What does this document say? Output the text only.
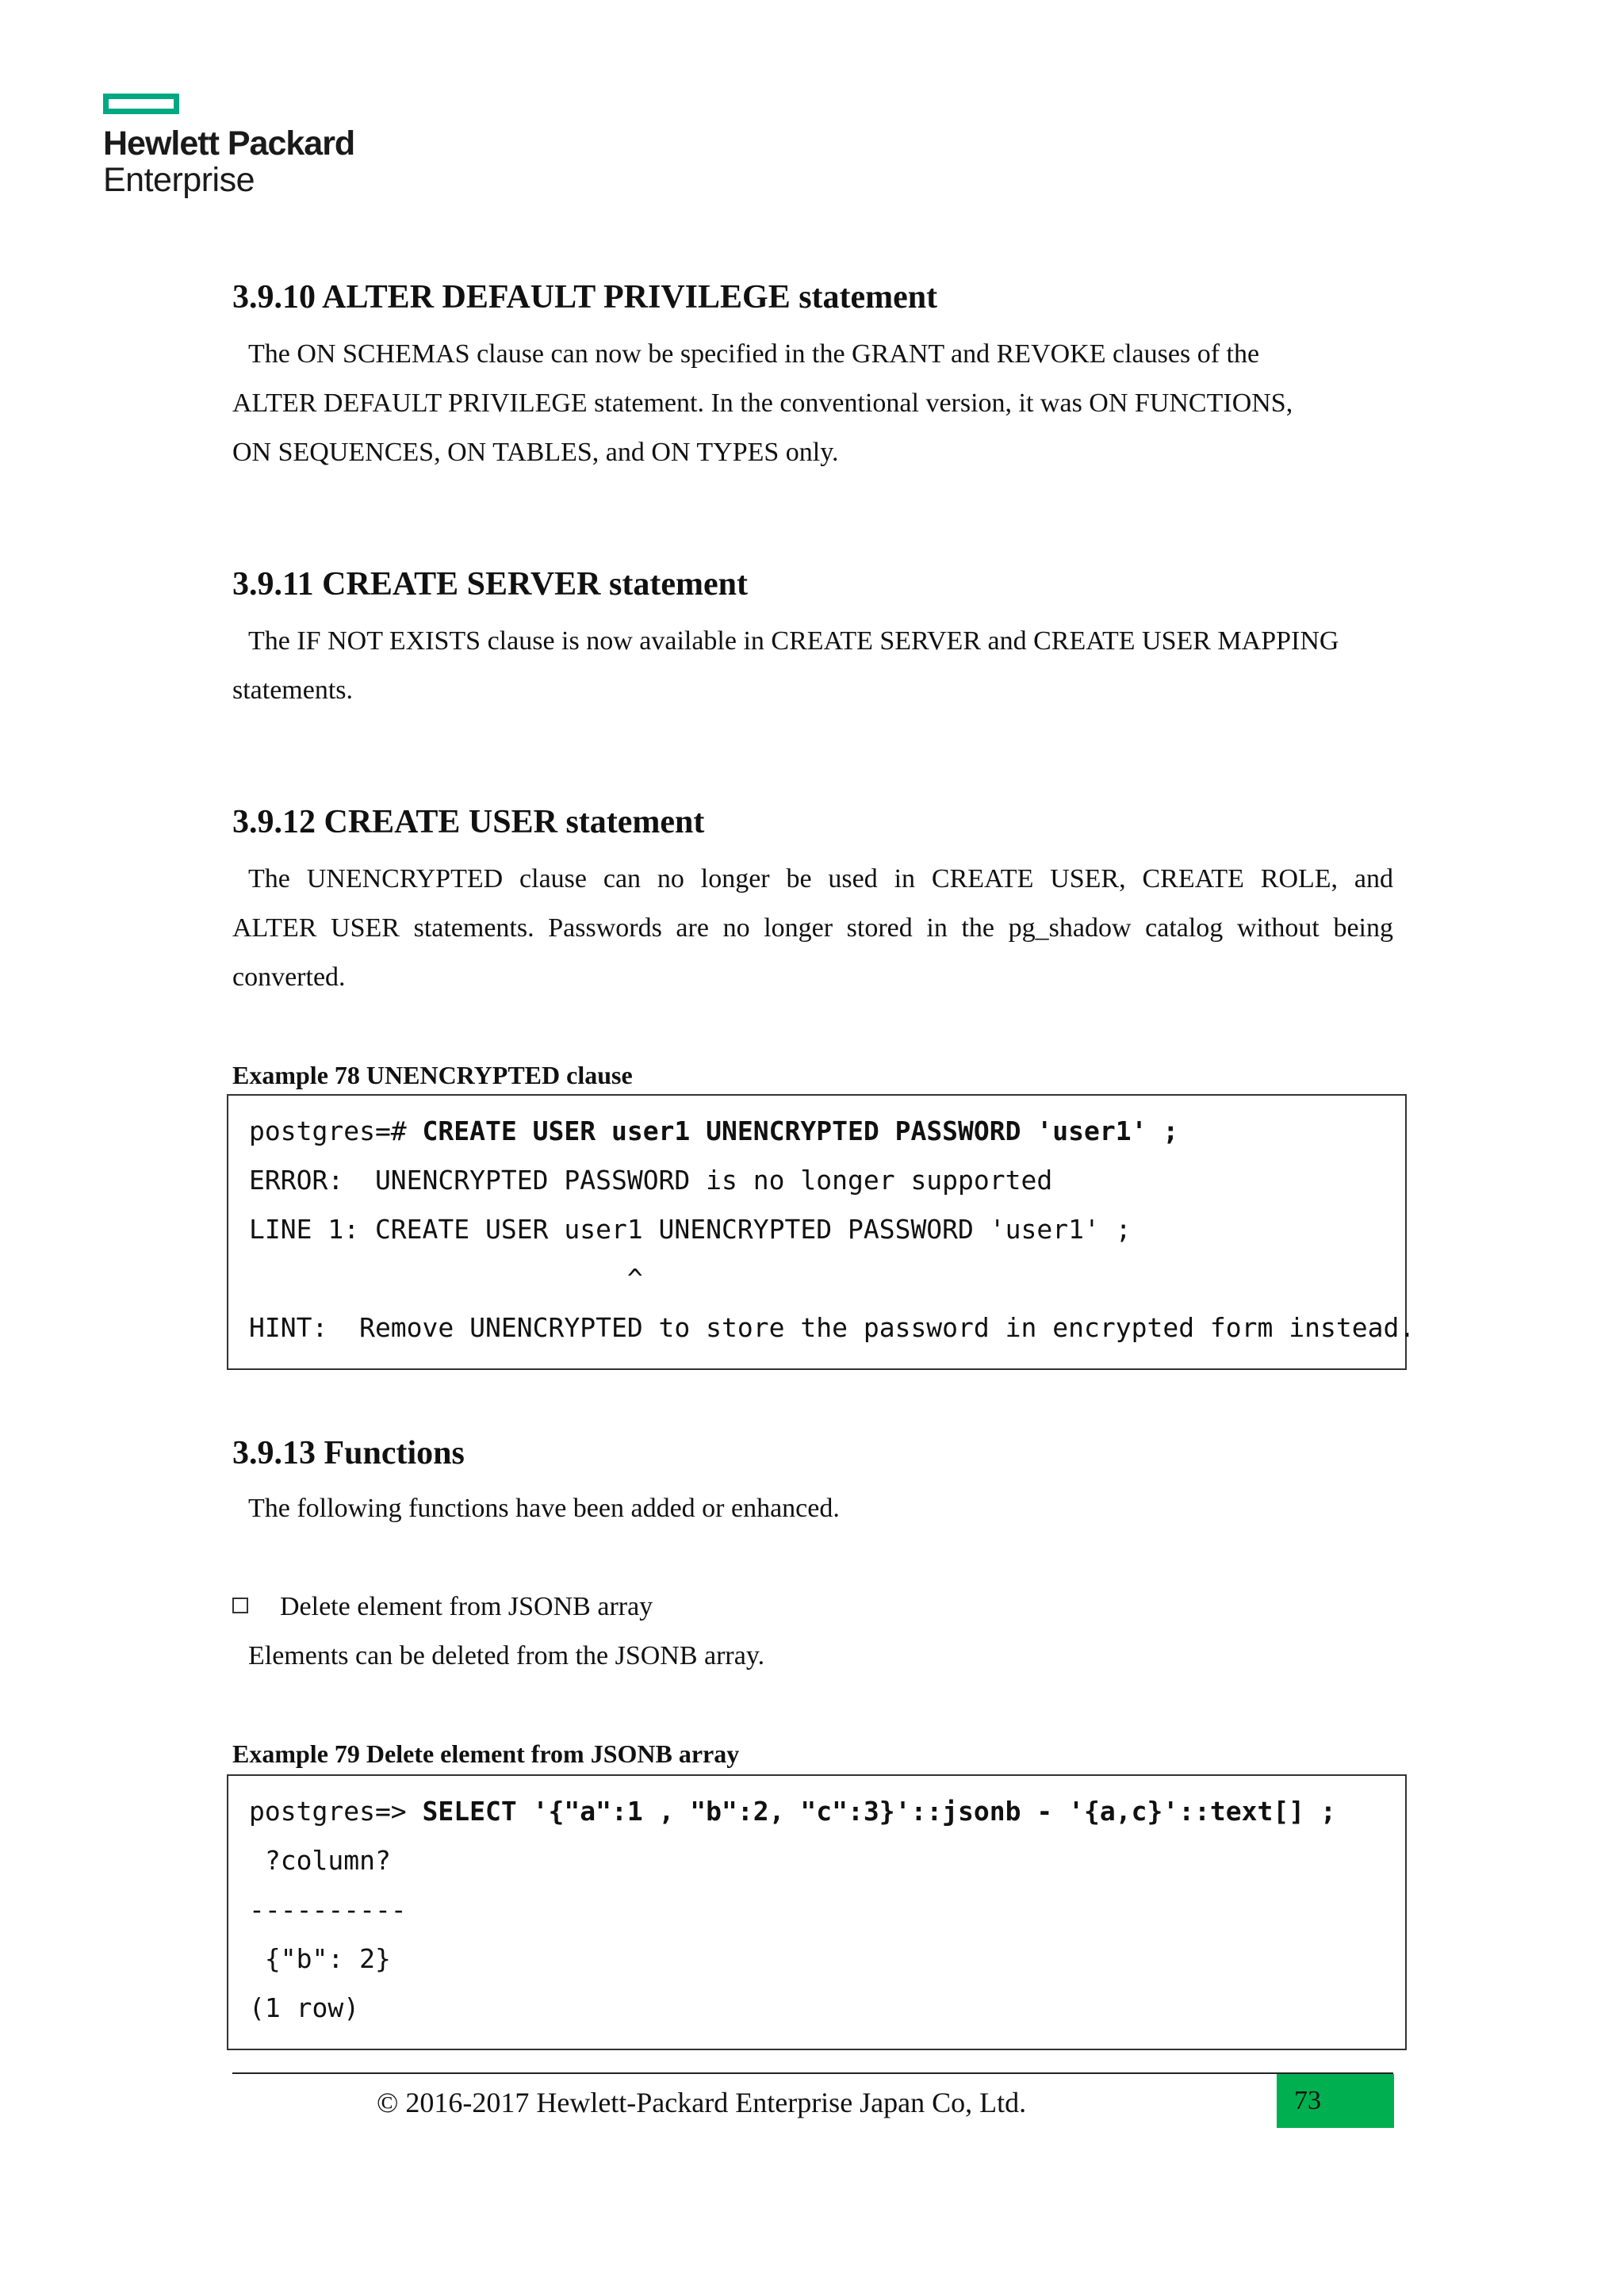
Hewlett Packard
Enterprise
3.9.10 ALTER DEFAULT PRIVILEGE statement
The ON SCHEMAS clause can now be specified in the GRANT and REVOKE clauses of the
ALTER DEFAULT PRIVILEGE statement. In the conventional version, it was ON FUNCTIONS,
ON SEQUENCES, ON TABLES, and ON TYPES only.
3.9.11 CREATE SERVER statement
The IF NOT EXISTS clause is now available in CREATE SERVER and CREATE USER MAPPING
statements.
3.9.12 CREATE USER statement
The UNENCRYPTED clause can no longer be used in CREATE USER, CREATE ROLE, and
ALTER USER statements. Passwords are no longer stored in the pg_shadow catalog without being
converted.
Example 78 UNENCRYPTED clause
postgres=# CREATE USER user1 UNENCRYPTED PASSWORD 'user1' ;
ERROR:  UNENCRYPTED PASSWORD is no longer supported
LINE 1: CREATE USER user1 UNENCRYPTED PASSWORD 'user1' ;
^
HINT:  Remove UNENCRYPTED to store the password in encrypted form instead.
3.9.13 Functions
The following functions have been added or enhanced.
Delete element from JSONB array
Elements can be deleted from the JSONB array.
Example 79 Delete element from JSONB array
postgres=> SELECT '{"a":1 , "b":2, "c":3}'::jsonb - '{a,c}'::text[] ;
?column?
----------
{"b": 2}
(1 row)
© 2016-2017 Hewlett-Packard Enterprise Japan Co, Ltd.	73
